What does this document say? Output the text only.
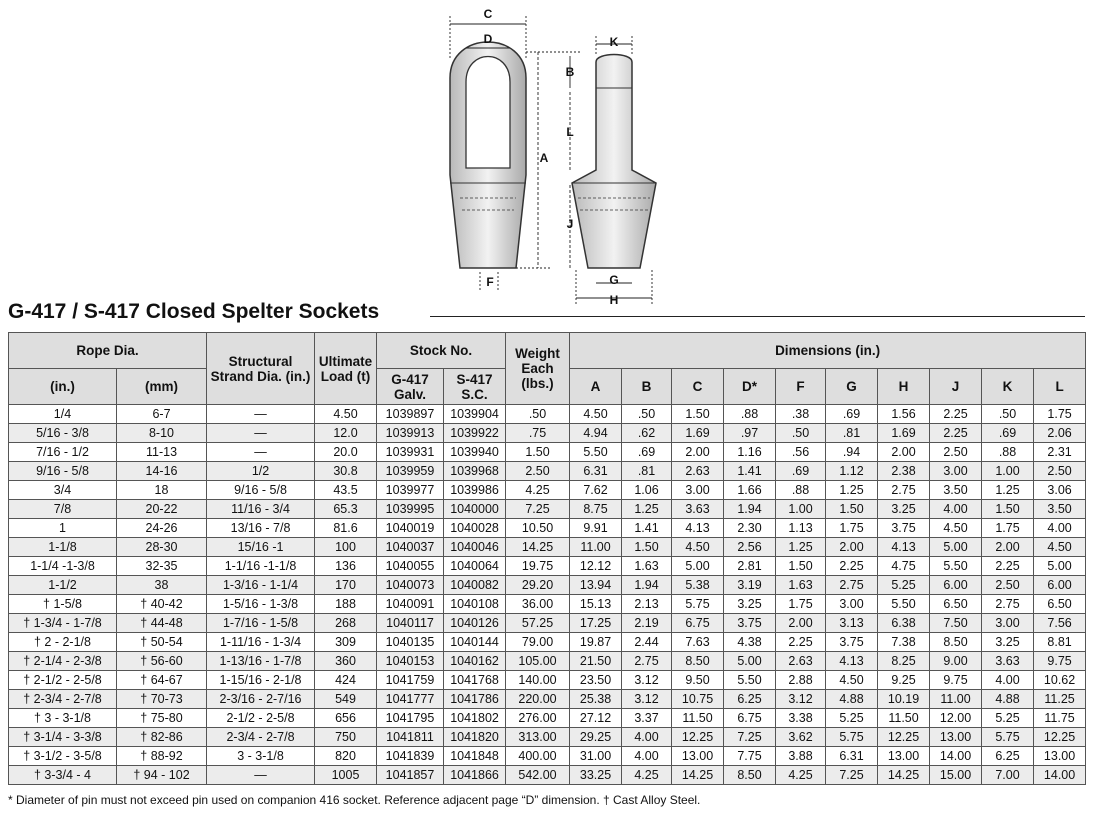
C
D	K
B
L
A
J
F	G
H
G-417 / S-417 Closed Spelter Sockets
Rope Dia.		Structural Strand Dia. (in.)	Ultimate Load (t)	Stock No.		Weight Each (lbs.)	Dimensions (in.)									
(in.)	(mm)			G-417 Galv.	S-417 S.C.		A	B	C	D*	F	G	H	J	K	L
1/4	6-7	—	4.50	1039897	1039904	.50	4.50	.50	1.50	.88	.38	.69	1.56	2.25	.50	1.75
5/16 - 3/8	8-10	—	12.0	1039913	1039922	.75	4.94	.62	1.69	.97	.50	.81	1.69	2.25	.69	2.06
7/16 - 1/2	11-13	—	20.0	1039931	1039940	1.50	5.50	.69	2.00	1.16	.56	.94	2.00	2.50	.88	2.31
9/16 - 5/8	14-16	1/2	30.8	1039959	1039968	2.50	6.31	.81	2.63	1.41	.69	1.12	2.38	3.00	1.00	2.50
3/4	18	9/16 - 5/8	43.5	1039977	1039986	4.25	7.62	1.06	3.00	1.66	.88	1.25	2.75	3.50	1.25	3.06
7/8	20-22	11/16 - 3/4	65.3	1039995	1040000	7.25	8.75	1.25	3.63	1.94	1.00	1.50	3.25	4.00	1.50	3.50
1	24-26	13/16 - 7/8	81.6	1040019	1040028	10.50	9.91	1.41	4.13	2.30	1.13	1.75	3.75	4.50	1.75	4.00
1-1/8	28-30	15/16 -1	100	1040037	1040046	14.25	11.00	1.50	4.50	2.56	1.25	2.00	4.13	5.00	2.00	4.50
1-1/4 -1-3/8	32-35	1-1/16 -1-1/8	136	1040055	1040064	19.75	12.12	1.63	5.00	2.81	1.50	2.25	4.75	5.50	2.25	5.00
1-1/2	38	1-3/16 - 1-1/4	170	1040073	1040082	29.20	13.94	1.94	5.38	3.19	1.63	2.75	5.25	6.00	2.50	6.00
† 1-5/8	† 40-42	1-5/16 - 1-3/8	188	1040091	1040108	36.00	15.13	2.13	5.75	3.25	1.75	3.00	5.50	6.50	2.75	6.50
† 1-3/4 - 1-7/8	† 44-48	1-7/16 - 1-5/8	268	1040117	1040126	57.25	17.25	2.19	6.75	3.75	2.00	3.13	6.38	7.50	3.00	7.56
† 2 - 2-1/8	† 50-54	1-11/16 - 1-3/4	309	1040135	1040144	79.00	19.87	2.44	7.63	4.38	2.25	3.75	7.38	8.50	3.25	8.81
† 2-1/4 - 2-3/8	† 56-60	1-13/16 - 1-7/8	360	1040153	1040162	105.00	21.50	2.75	8.50	5.00	2.63	4.13	8.25	9.00	3.63	9.75
† 2-1/2 - 2-5/8	† 64-67	1-15/16 - 2-1/8	424	1041759	1041768	140.00	23.50	3.12	9.50	5.50	2.88	4.50	9.25	9.75	4.00	10.62
† 2-3/4 - 2-7/8	† 70-73	2-3/16 - 2-7/16	549	1041777	1041786	220.00	25.38	3.12	10.75	6.25	3.12	4.88	10.19	11.00	4.88	11.25
† 3 - 3-1/8	† 75-80	2-1/2 - 2-5/8	656	1041795	1041802	276.00	27.12	3.37	11.50	6.75	3.38	5.25	11.50	12.00	5.25	11.75
† 3-1/4 - 3-3/8	† 82-86	2-3/4 - 2-7/8	750	1041811	1041820	313.00	29.25	4.00	12.25	7.25	3.62	5.75	12.25	13.00	5.75	12.25
† 3-1/2 - 3-5/8	† 88-92	3 - 3-1/8	820	1041839	1041848	400.00	31.00	4.00	13.00	7.75	3.88	6.31	13.00	14.00	6.25	13.00
† 3-3/4 - 4	† 94 - 102	—	1005	1041857	1041866	542.00	33.25	4.25	14.25	8.50	4.25	7.25	14.25	15.00	7.00	14.00
* Diameter of pin must not exceed pin used on companion 416 socket. Reference adjacent page “D” dimension. † Cast Alloy Steel.
